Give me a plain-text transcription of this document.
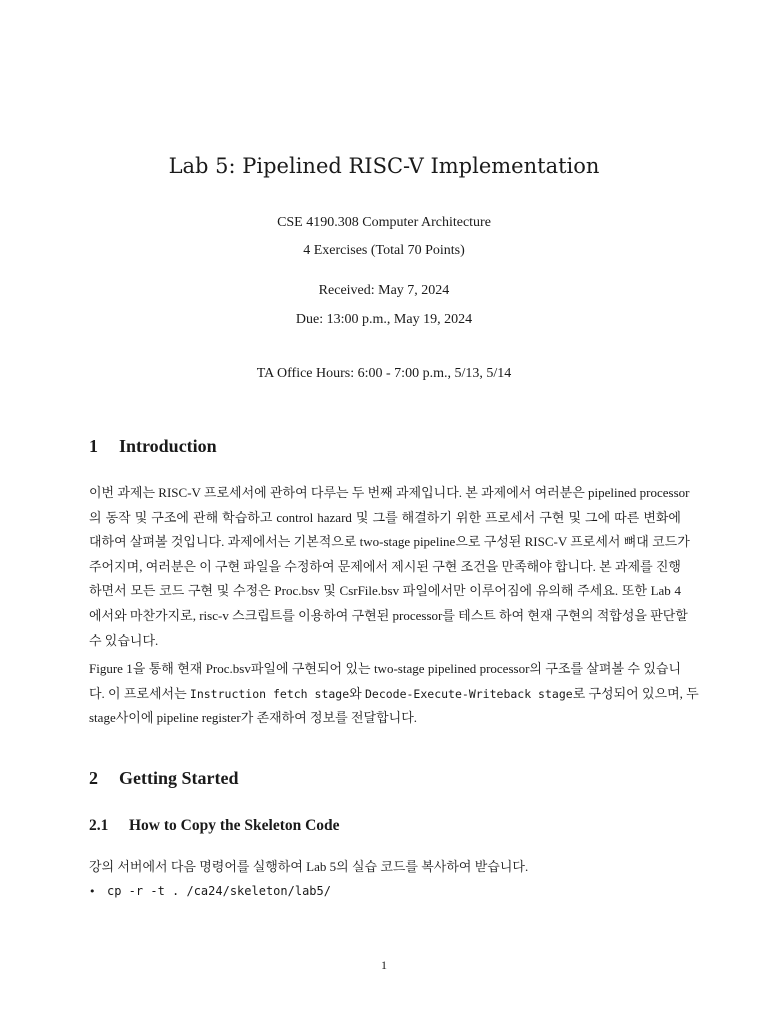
Lab 5: Pipelined RISC-V Implementation
CSE 4190.308 Computer Architecture
4 Exercises (Total 70 Points)
Received: May 7, 2024
Due: 13:00 p.m., May 19, 2024
TA Office Hours: 6:00 - 7:00 p.m., 5/13, 5/14
1 Introduction
이번 과제는 RISC-V 프로세서에 관하여 다루는 두 번째 과제입니다. 본 과제에서 여러분은 pipelined processor
의 동작 및 구조에 관해 학습하고 control hazard 및 그를 해결하기 위한 프로세서 구현 및 그에 따른 변화에
대하여 살펴볼 것입니다. 과제에서는 기본적으로 two-stage pipeline으로 구성된 RISC-V 프로세서 뼈대 코드가
주어지며, 여러분은 이 구현 파일을 수정하여 문제에서 제시된 구현 조건을 만족해야 합니다. 본 과제를 진행
하면서 모든 코드 구현 및 수정은 Proc.bsv 및 CsrFile.bsv 파일에서만 이루어짐에 유의해 주세요. 또한 Lab 4
에서와 마찬가지로, risc-v 스크립트를 이용하여 구현된 processor를 테스트 하여 현재 구현의 적합성을 판단할
수 있습니다.
Figure 1을 통해 현재 Proc.bsv파일에 구현되어 있는 two-stage pipelined processor의 구조를 살펴볼 수 있습니
다. 이 프로세서는 Instruction fetch stage와 Decode-Execute-Writeback stage로 구성되어 있으며, 두
stage사이에 pipeline register가 존재하여 정보를 전달합니다.
2 Getting Started
2.1 How to Copy the Skeleton Code
강의 서버에서 다음 명령어를 실행하여 Lab 5의 실습 코드를 복사하여 받습니다.
• cp -r -t . /ca24/skeleton/lab5/
1
